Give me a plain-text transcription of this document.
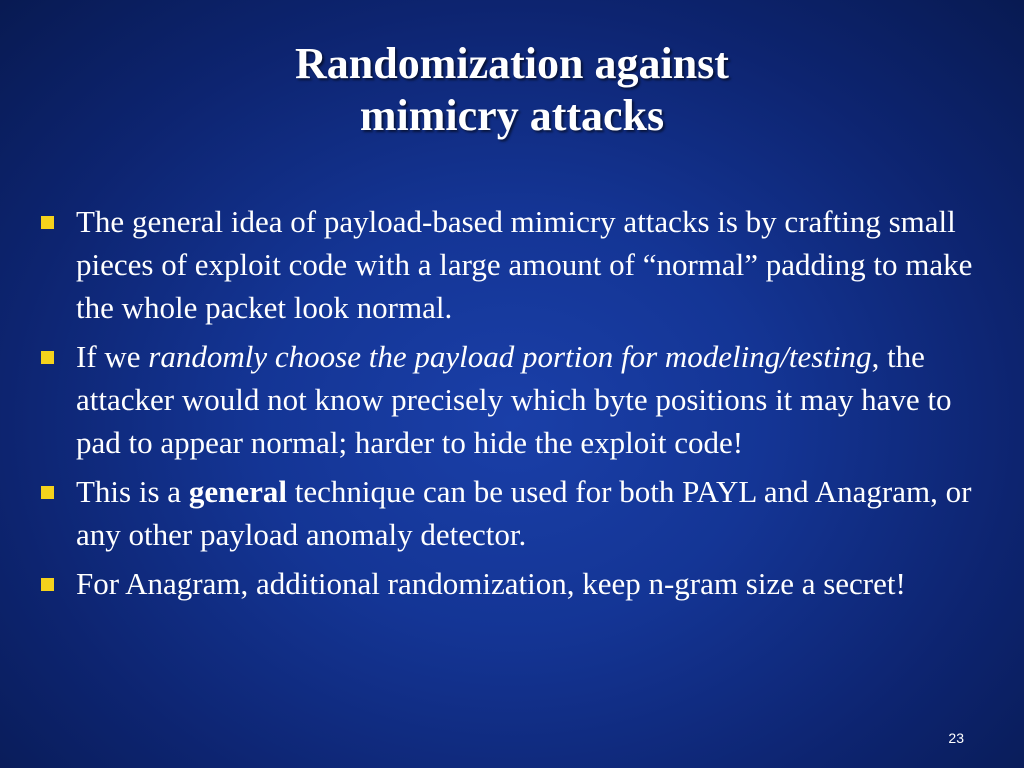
Randomization against
mimicry attacks
The general idea of payload-based mimicry attacks is by crafting small pieces of exploit code with a large amount of “normal” padding to make the whole packet look normal.
If we randomly choose the payload portion for modeling/testing, the attacker would not know precisely which byte positions it may have to pad to appear normal; harder to hide the exploit code!
This is a general technique can be used for both PAYL and Anagram, or any other payload anomaly detector.
For Anagram, additional randomization, keep n-gram size a secret!
23
